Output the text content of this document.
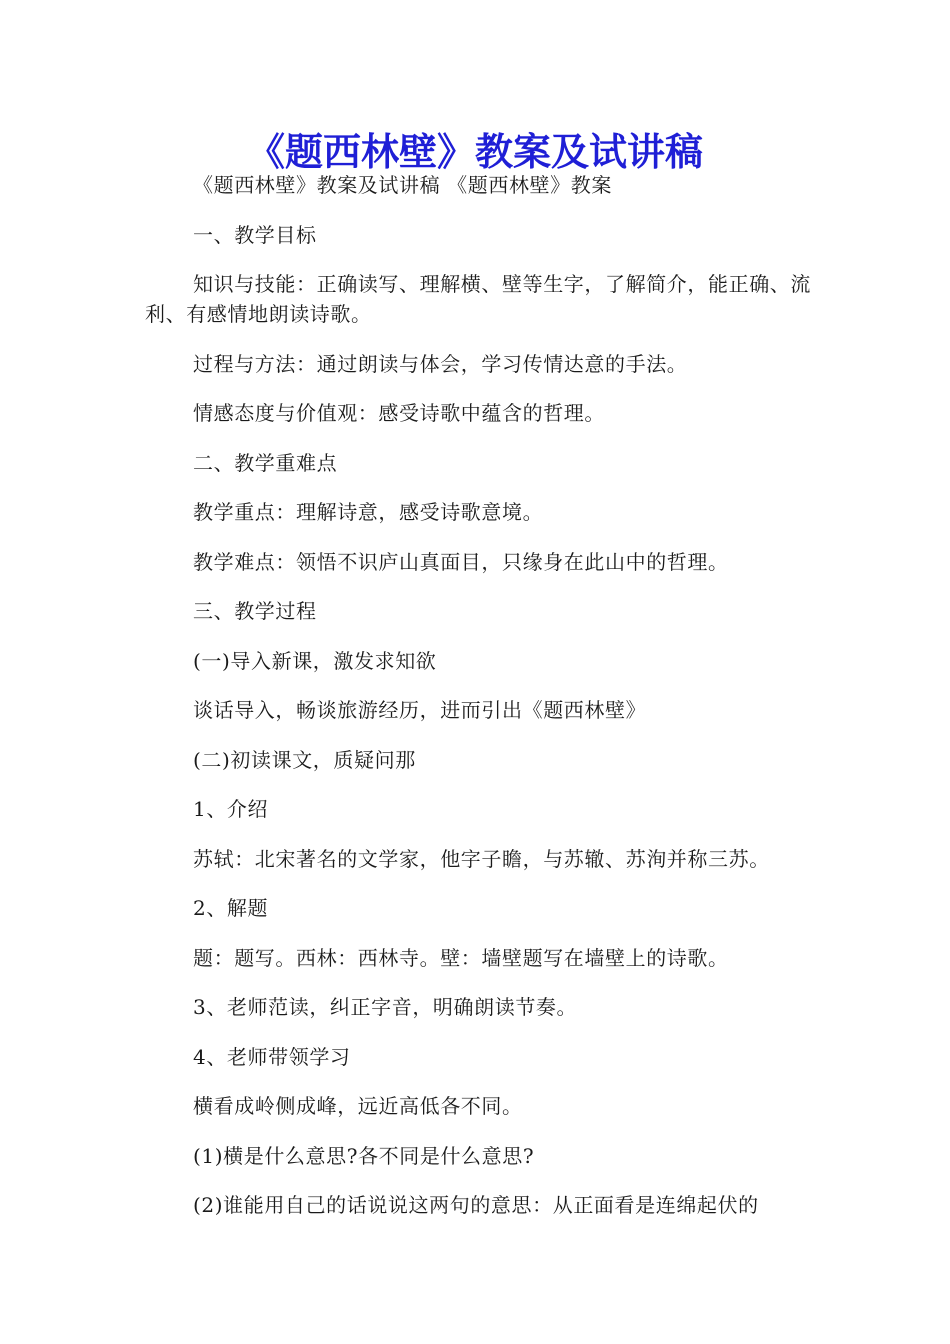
《题西林壁》教案及试讲稿

《题西林壁》教案及试讲稿 《题西林壁》教案

一、教学目标

知识与技能：正确读写、理解横、壁等生字，了解简介，能正确、流利、有感情地朗读诗歌。

过程与方法：通过朗读与体会，学习传情达意的手法。

情感态度与价值观：感受诗歌中蕴含的哲理。

二、教学重难点

教学重点：理解诗意，感受诗歌意境。

教学难点：领悟不识庐山真面目，只缘身在此山中的哲理。

三、教学过程

(一)导入新课，激发求知欲

谈话导入，畅谈旅游经历，进而引出《题西林壁》

(二)初读课文，质疑问那

1、介绍

苏轼：北宋著名的文学家，他字子瞻，与苏辙、苏洵并称三苏。

2、解题

题：题写。西林：西林寺。壁：墙壁题写在墙壁上的诗歌。

3、老师范读，纠正字音，明确朗读节奏。

4、老师带领学习

横看成岭侧成峰，远近高低各不同。

(1)横是什么意思?各不同是什么意思?

(2)谁能用自己的话说说这两句的意思：从正面看是连绵起伏的
